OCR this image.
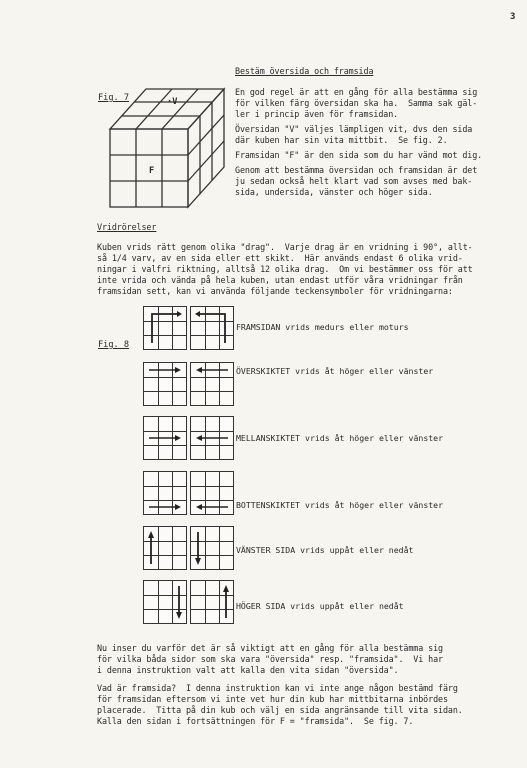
3
Fig. 7	·V
F
Bestäm översida och framsida
En god regel är att en gång för alla bestämma sig
för vilken färg översidan ska ha.  Samma sak gäl-
ler i princip även för framsidan.
Översidan "V" väljes lämpligen vit, dvs den sida
där kuben har sin vita mittbit.  Se fig. 2.
Framsidan "F" är den sida som du har vänd mot dig.
Genom att bestämma översidan och framsidan är det
ju sedan också helt klart vad som avses med bak-
sida, undersida, vänster och höger sida.
Vridrörelser
Kuben vrids rätt genom olika "drag".  Varje drag är en vridning i 90°, allt-
så 1/4 varv, av en sida eller ett skikt.  Här används endast 6 olika vrid-
ningar i valfri riktning, alltså 12 olika drag.  Om vi bestämmer oss för att
inte vrida och vända på hela kuben, utan endast utför våra vridningar från
framsidan sett, kan vi använda följande teckensymboler för vridningarna:
Fig. 8
FRAMSIDAN vrids medurs eller moturs
ÖVERSKIKTET vrids åt höger eller vänster
MELLANSKIKTET vrids åt höger eller vänster
BOTTENSKIKTET vrids åt höger eller vänster
VÄNSTER SIDA vrids uppåt eller nedåt
HÖGER SIDA vrids uppåt eller nedåt
Nu inser du varför det är så viktigt att en gång för alla bestämma sig
för vilka båda sidor som ska vara "översida" resp. "framsida".  Vi har
i denna instruktion valt att kalla den vita sidan "översida".
Vad är framsida?  I denna instruktion kan vi inte ange någon bestämd färg
för framsidan eftersom vi inte vet hur din kub har mittbitarna inbördes
placerade.  Titta på din kub och välj en sida angränsande till vita sidan.
Kalla den sidan i fortsättningen för F = "framsida".  Se fig. 7.
